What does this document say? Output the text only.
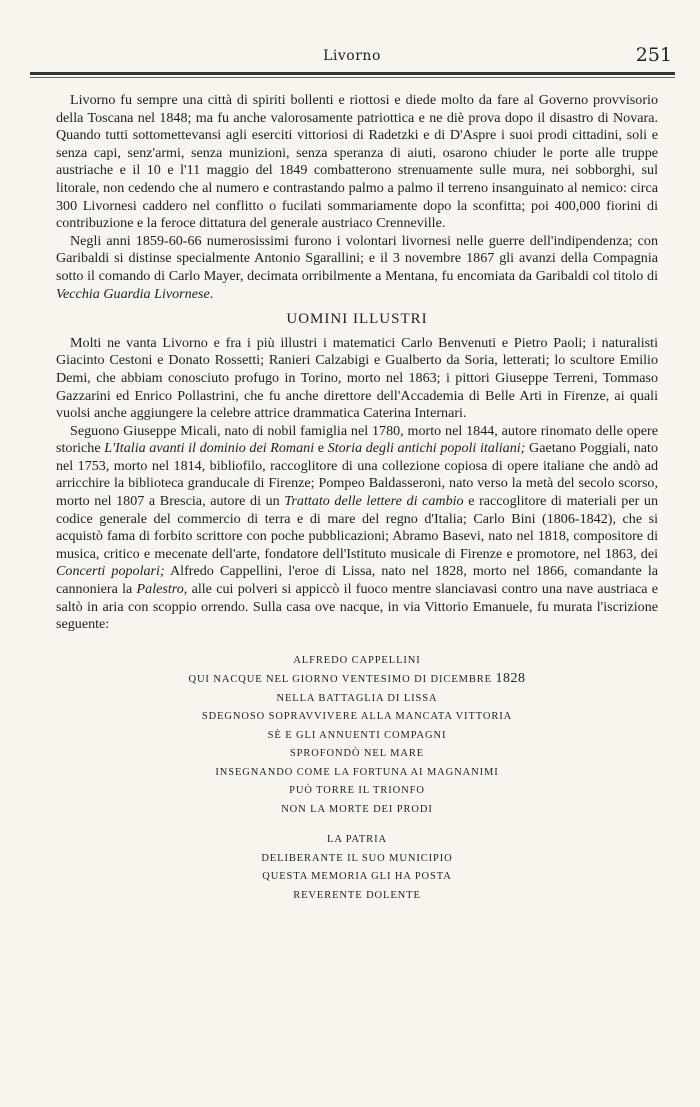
Livorno	251

Livorno fu sempre una città di spiriti bollenti e riottosi e diede molto da fare al Governo provvisorio della Toscana nel 1848; ma fu anche valorosamente patriottica e ne diè prova dopo il disastro di Novara. Quando tutti sottomettevansi agli eserciti vittoriosi di Radetzki e di D'Aspre i suoi prodi cittadini, soli e senza capi, senz'armi, senza munizioni, senza speranza di aiuti, osarono chiuder le porte alle truppe austriache e il 10 e l'11 maggio del 1849 combatterono strenuamente sulle mura, nei sobborghi, sul litorale, non cedendo che al numero e contrastando palmo a palmo il terreno insanguinato al nemico: circa 300 Livornesi caddero nel conflitto o fucilati sommariamente dopo la sconfitta; poi 400,000 fiorini di contribuzione e la feroce dittatura del generale austriaco Crenneville.

Negli anni 1859-60-66 numerosissimi furono i volontari livornesi nelle guerre dell'indipendenza; con Garibaldi si distinse specialmente Antonio Sgarallini; e il 3 novembre 1867 gli avanzi della Compagnia sotto il comando di Carlo Mayer, decimata orribilmente a Mentana, fu encomiata da Garibaldi col titolo di Vecchia Guardia Livornese.

UOMINI ILLUSTRI

Molti ne vanta Livorno e fra i più illustri i matematici Carlo Benvenuti e Pietro Paoli; i naturalisti Giacinto Cestoni e Donato Rossetti; Ranieri Calzabigi e Gualberto da Soria, letterati; lo scultore Emilio Demi, che abbiam conosciuto profugo in Torino, morto nel 1863; i pittori Giuseppe Terreni, Tommaso Gazzarini ed Enrico Pollastrini, che fu anche direttore dell'Accademia di Belle Arti in Firenze, ai quali vuolsi anche aggiungere la celebre attrice drammatica Caterina Internari.

Seguono Giuseppe Micali, nato di nobil famiglia nel 1780, morto nel 1844, autore rinomato delle opere storiche L'Italia avanti il dominio dei Romani e Storia degli antichi popoli italiani; Gaetano Poggiali, nato nel 1753, morto nel 1814, bibliofilo, raccoglitore di una collezione copiosa di opere italiane che andò ad arricchire la biblioteca granducale di Firenze; Pompeo Baldasseroni, nato verso la metà del secolo scorso, morto nel 1807 a Brescia, autore di un Trattato delle lettere di cambio e raccoglitore di materiali per un codice generale del commercio di terra e di mare del regno d'Italia; Carlo Bini (1806-1842), che si acquistò fama di forbito scrittore con poche pubblicazioni; Abramo Basevi, nato nel 1818, compositore di musica, critico e mecenate dell'arte, fondatore dell'Istituto musicale di Firenze e promotore, nel 1863, dei Concerti popolari; Alfredo Cappellini, l'eroe di Lissa, nato nel 1828, morto nel 1866, comandante la cannoniera la Palestro, alle cui polveri si appiccò il fuoco mentre slanciavasi contro una nave austriaca e saltò in aria con scoppio orrendo. Sulla casa ove nacque, in via Vittorio Emanuele, fu murata l'iscrizione seguente:

ALFREDO CAPPELLINI
QUI NACQUE NEL GIORNO VENTESIMO DI DICEMBRE 1828
NELLA BATTAGLIA DI LISSA
SDEGNOSO SOPRAVVIVERE ALLA MANCATA VITTORIA
SÈ E GLI ANNUENTI COMPAGNI
SPROFONDÒ NEL MARE
INSEGNANDO COME LA FORTUNA AI MAGNANIMI
PUÒ TORRE IL TRIONFO
NON LA MORTE DEI PRODI
LA PATRIA
DELIBERANTE IL SUO MUNICIPIO
QUESTA MEMORIA GLI HA POSTA
REVERENTE DOLENTE
